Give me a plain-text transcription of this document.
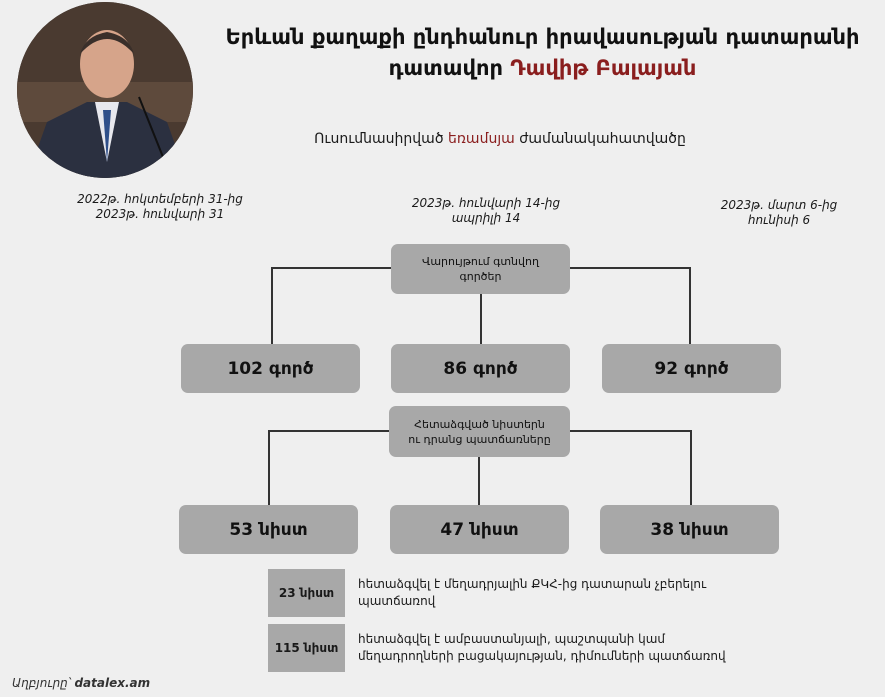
Երևան քաղաքի ընդհանուր իրավասության դատարանի
դատավոր Դավիթ Բալայան
Ուսումնասիրված եռամսյա ժամանակահատվածը
2022թ. հոկտեմբերի 31-ից
2023թ. հունվարի 31
2023թ. հունվարի 14-ից
ապրիլի 14
2023թ. մարտ 6-ից
հունիսի 6
Վարույթում գտնվող
գործեր
102 գործ	86 գործ	92 գործ
Հետաձգված նիստերն
ու դրանց պատճառները
53 նիստ	47 նիստ	38 նիստ
23 նիստ
հետաձգվել է մեղադրյալին ՔԿՀ-ից դատարան չբերելու
պատճառով
115 նիստ
հետաձգվել է ամբաստանյալի, պաշտպանի կամ
մեղադրողների բացակայության, դիմումների պատճառով
Աղբյուրը՝ datalex.am
